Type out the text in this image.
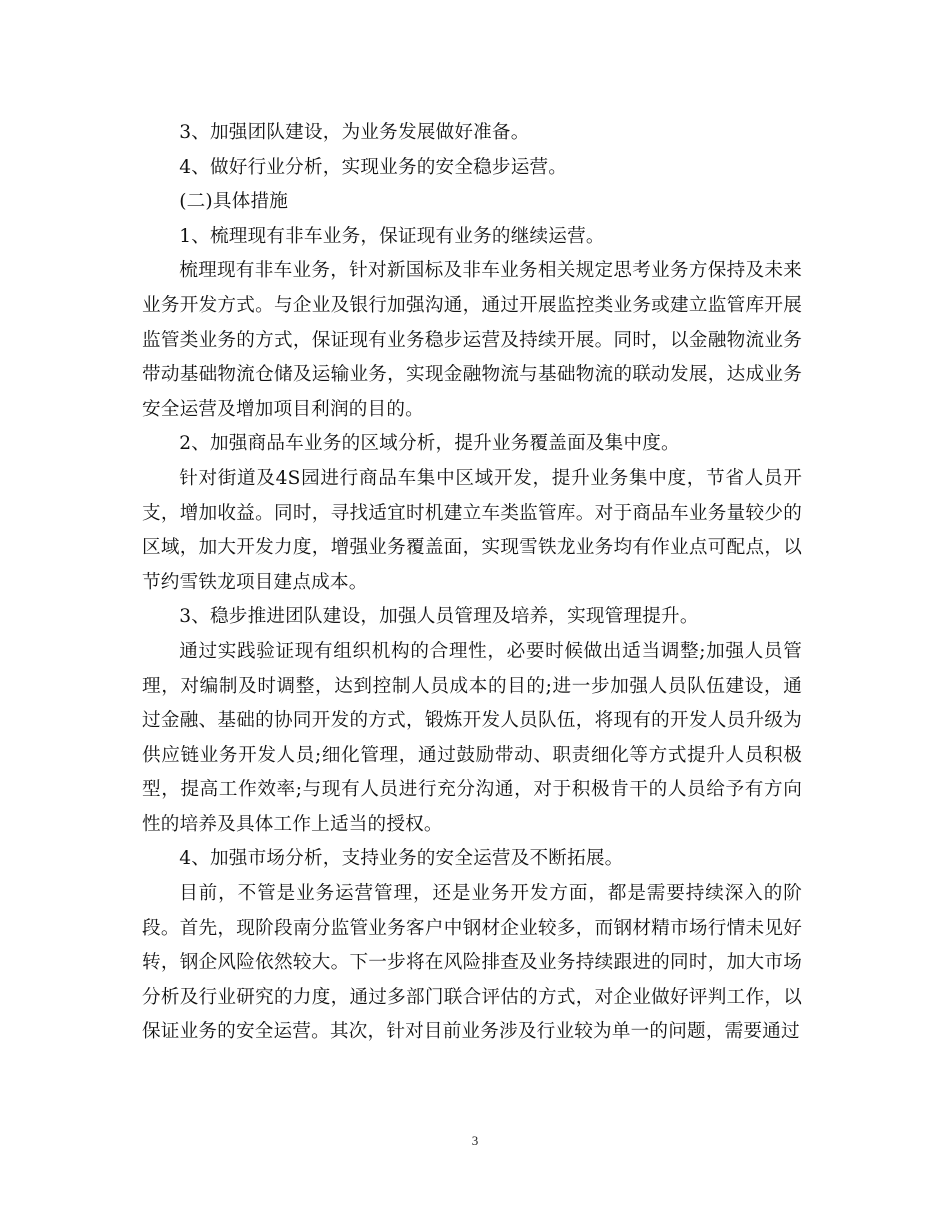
3、加强团队建设，为业务发展做好准备。

4、做好行业分析，实现业务的安全稳步运营。

(二)具体措施

1、梳理现有非车业务，保证现有业务的继续运营。

梳理现有非车业务，针对新国标及非车业务相关规定思考业务方保持及未来业务开发方式。与企业及银行加强沟通，通过开展监控类业务或建立监管库开展监管类业务的方式，保证现有业务稳步运营及持续开展。同时，以金融物流业务带动基础物流仓储及运输业务，实现金融物流与基础物流的联动发展，达成业务安全运营及增加项目利润的目的。

2、加强商品车业务的区域分析，提升业务覆盖面及集中度。

针对街道及4S园进行商品车集中区域开发，提升业务集中度，节省人员开支，增加收益。同时，寻找适宜时机建立车类监管库。对于商品车业务量较少的区域，加大开发力度，增强业务覆盖面，实现雪铁龙业务均有作业点可配点，以节约雪铁龙项目建点成本。

3、稳步推进团队建设，加强人员管理及培养，实现管理提升。

通过实践验证现有组织机构的合理性，必要时候做出适当调整;加强人员管理，对编制及时调整，达到控制人员成本的目的;进一步加强人员队伍建设，通过金融、基础的协同开发的方式，锻炼开发人员队伍，将现有的开发人员升级为供应链业务开发人员;细化管理，通过鼓励带动、职责细化等方式提升人员积极型，提高工作效率;与现有人员进行充分沟通，对于积极肯干的人员给予有方向性的培养及具体工作上适当的授权。

4、加强市场分析，支持业务的安全运营及不断拓展。

目前，不管是业务运营管理，还是业务开发方面，都是需要持续深入的阶段。首先，现阶段南分监管业务客户中钢材企业较多，而钢材精市场行情未见好转，钢企风险依然较大。下一步将在风险排查及业务持续跟进的同时，加大市场分析及行业研究的力度，通过多部门联合评估的方式，对企业做好评判工作，以保证业务的安全运营。其次，针对目前业务涉及行业较为单一的问题，需要通过

3
